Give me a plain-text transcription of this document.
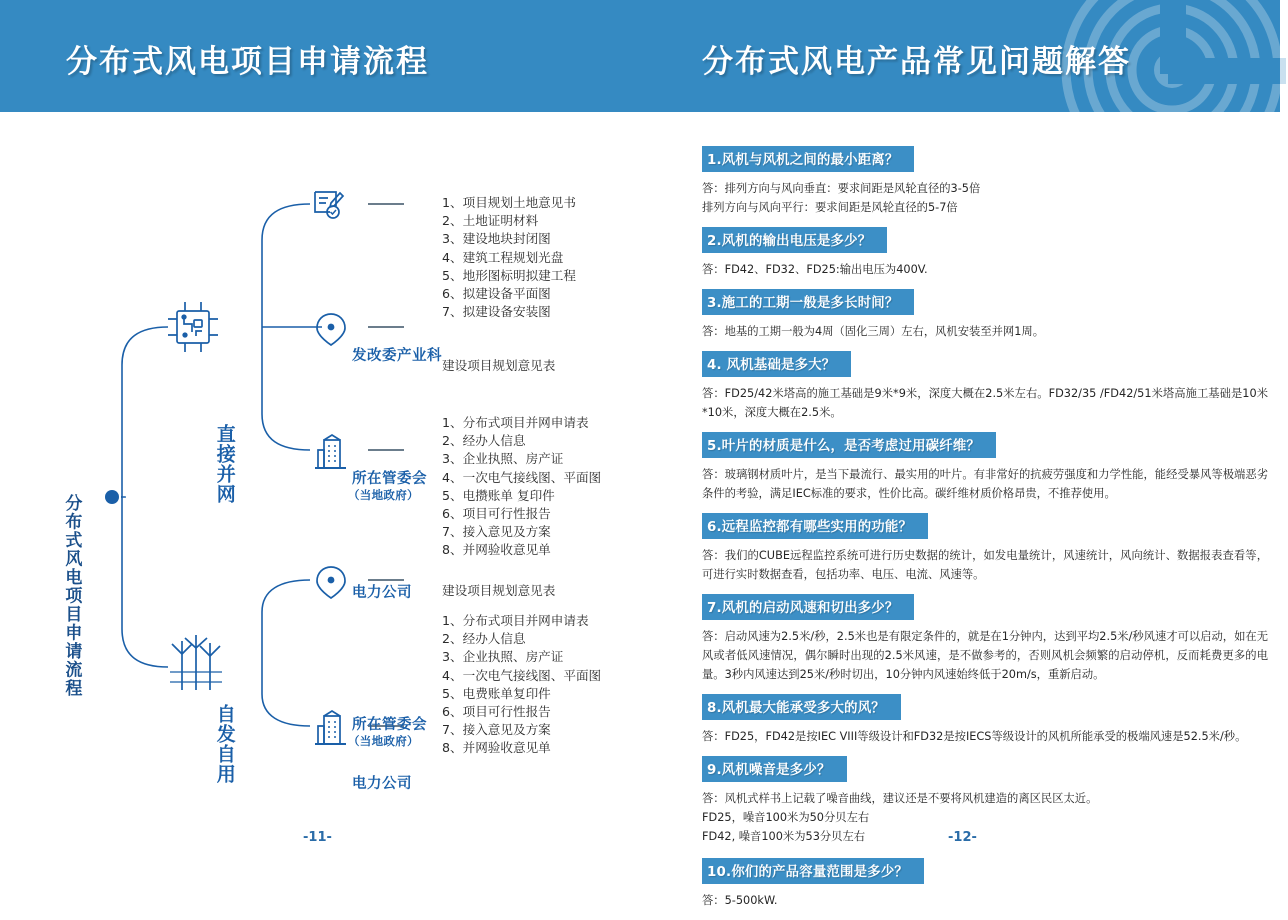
分布式风电项目申请流程	分布式风电产品常见问题解答
分布式风电项目申请流程
直接并网
自发自用
发改委产业科
所在管委会
（当地政府）
电力公司
所在管委会
（当地政府）
电力公司
1、项目规划土地意见书
2、土地证明材料
3、建设地块封闭图
4、建筑工程规划光盘
5、地形图标明拟建工程
6、拟建设备平面图
7、拟建设备安装图
建设项目规划意见表
1、分布式项目并网申请表
2、经办人信息
3、企业执照、房产证
4、一次电气接线图、平面图
5、电攒账单 复印件
6、项目可行性报告
7、接入意见及方案
8、并网验收意见单
建设项目规划意见表
1、分布式项目并网申请表
2、经办人信息
3、企业执照、房产证
4、一次电气接线图、平面图
5、电费账单复印件
6、项目可行性报告
7、接入意见及方案
8、并网验收意见单
-11-
1.风机与风机之间的最小距离？
答：排列方向与风向垂直：要求间距是风轮直径的3-5倍
排列方向与风向平行：要求间距是风轮直径的5-7倍
2.风机的输出电压是多少？
答：FD42、FD32、FD25:输出电压为400V.
3.施工的工期一般是多长时间？
答：地基的工期一般为4周（固化三周）左右，风机安装至并网1周。
4. 风机基础是多大？
答：FD25/42米塔高的施工基础是9米*9米，深度大概在2.5米左右。FD32/35 /FD42/51米塔高施工基础是10米*10米，深度大概在2.5米。
5.叶片的材质是什么，是否考虑过用碳纤维？
答：玻璃钢材质叶片，是当下最流行、最实用的叶片。有非常好的抗疲劳强度和力学性能，能经受暴风等极端恶劣条件的考验，满足IEC标准的要求，性价比高。碳纤维材质价格昂贵，不推荐使用。
6.远程监控都有哪些实用的功能？
答：我们的CUBE远程监控系统可进行历史数据的统计，如发电量统计，风速统计，风向统计、数据报表查看等，可进行实时数据查看，包括功率、电压、电流、风速等。
7.风机的启动风速和切出多少？
答：启动风速为2.5米/秒，2.5米也是有限定条件的，就是在1分钟内，达到平均2.5米/秒风速才可以启动，如在无风或者低风速情况，偶尔瞬时出现的2.5米风速，是不做参考的，否则风机会频繁的启动停机，反而耗费更多的电量。3秒内风速达到25米/秒时切出，10分钟内风速始终低于20m/s，重新启动。
8.风机最大能承受多大的风？
答：FD25，FD42是按IEC VIII等级设计和FD32是按IECS等级设计的风机所能承受的极端风速是52.5米/秒。
9.风机噪音是多少？
答：风机式样书上记载了噪音曲线，建议还是不要将风机建造的离区民区太近。
FD25，噪音100米为50分贝左右
FD42, 噪音100米为53分贝左右
10.你们的产品容量范围是多少？
答：5-500kW.
-12-
